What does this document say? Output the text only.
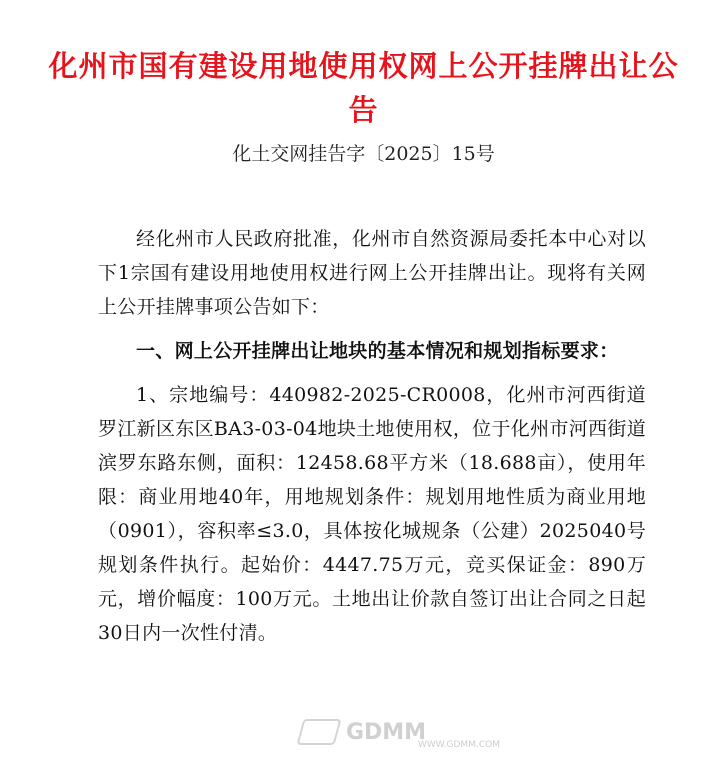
化州市国有建设用地使用权网上公开挂牌出让公告
化土交网挂告字〔2025〕15号

经化州市人民政府批准，化州市自然资源局委托本中心对以下1宗国有建设用地使用权进行网上公开挂牌出让。现将有关网上公开挂牌事项公告如下：

一、网上公开挂牌出让地块的基本情况和规划指标要求：

1、宗地编号：440982-2025-CR0008，化州市河西街道罗江新区东区BA3-03-04地块土地使用权，位于化州市河西街道滨罗东路东侧，面积：12458.68平方米（18.688亩），使用年限：商业用地40年，用地规划条件：规划用地性质为商业用地（0901），容积率≤3.0，具体按化城规条（公建）2025040号规划条件执行。起始价：4447.75万元，竞买保证金：890万元，增价幅度：100万元。土地出让价款自签订出让合同之日起30日内一次性付清。

GDMM
WWW.GDMM.COM
